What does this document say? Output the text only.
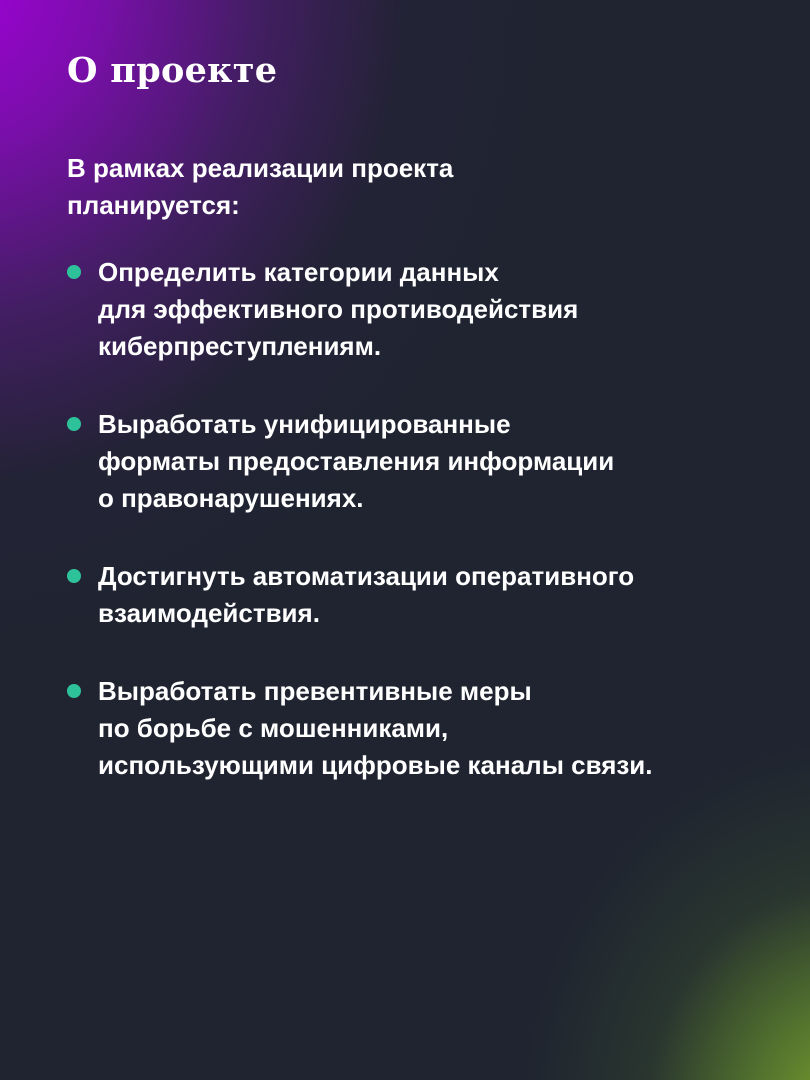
О проекте

В рамках реализации проекта
планируется:

Определить категории данных
для эффективного противодействия
киберпреступлениям.
Выработать унифицированные
форматы предоставления информации
о правонарушениях.
Достигнуть автоматизации оперативного
взаимодействия.
Выработать превентивные меры
по борьбе с мошенниками,
использующими цифровые каналы связи.
